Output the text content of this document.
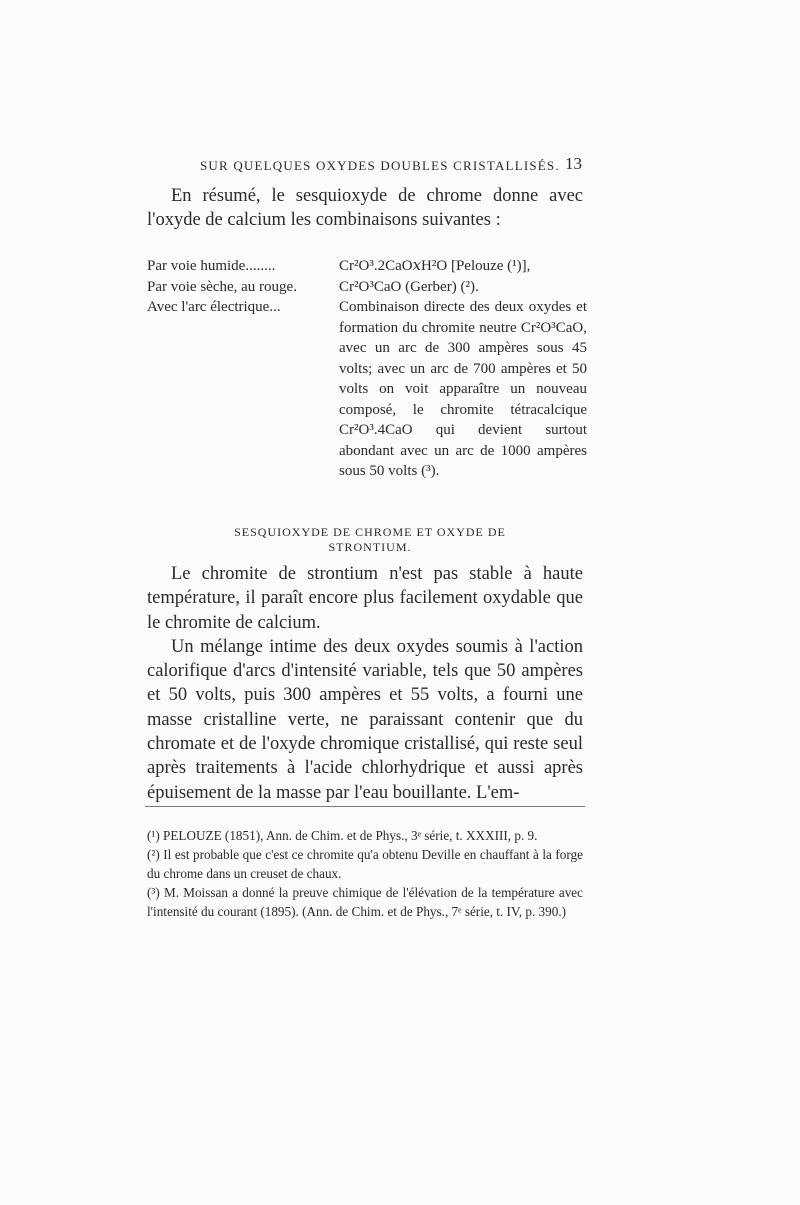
SUR QUELQUES OXYDES DOUBLES CRISTALLISÉS. 13
En résumé, le sesquioxyde de chrome donne avec l'oxyde de calcium les combinaisons suivantes :
Par voie humide........	Cr²O³.2CaO𝑥H²O [Pelouze (¹)],
Par voie sèche, au rouge.	Cr²O³CaO (Gerber) (²).
Avec l'arc électrique...	Combinaison directe des deux oxydes et formation du chromite neutre Cr²O³CaO, avec un arc de 300 ampères sous 45 volts; avec un arc de 700 ampères et 50 volts on voit apparaître un nouveau composé, le chromite tétracalcique Cr²O³.4CaO qui devient surtout abondant avec un arc de 1000 ampères sous 50 volts (³).
SESQUIOXYDE DE CHROME ET OXYDE DE STRONTIUM.

Le chromite de strontium n'est pas stable à haute température, il paraît encore plus facilement oxydable que le chromite de calcium.

Un mélange intime des deux oxydes soumis à l'action calorifique d'arcs d'intensité variable, tels que 50 ampères et 50 volts, puis 300 ampères et 55 volts, a fourni une masse cristalline verte, ne paraissant contenir que du chromate et de l'oxyde chromique cristallisé, qui reste seul après traitements à l'acide chlorhydrique et aussi après épuisement de la masse par l'eau bouillante. L'em-

(¹) PELOUZE (1851), Ann. de Chim. et de Phys., 3ᵉ série, t. XXXIII, p. 9.

(²) Il est probable que c'est ce chromite qu'a obtenu Deville en chauffant à la forge du chrome dans un creuset de chaux.

(³) M. Moissan a donné la preuve chimique de l'élévation de la température avec l'intensité du courant (1895). (Ann. de Chim. et de Phys., 7ᵉ série, t. IV, p. 390.)
